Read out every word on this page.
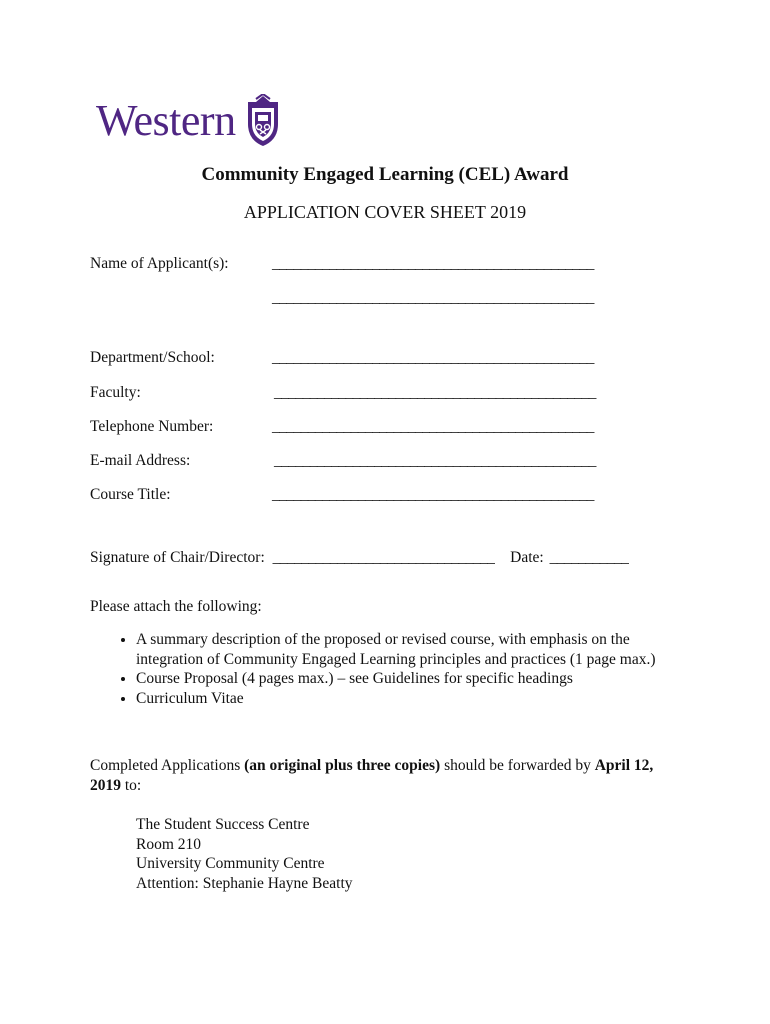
Western
Community Engaged Learning (CEL) Award
APPLICATION COVER SHEET 2019
Name of Applicant(s):	_____________________________________________
_____________________________________________
Department/School:	_____________________________________________
Faculty:	_____________________________________________
Telephone Number:	_____________________________________________
E-mail Address:	_____________________________________________
Course Title:	_____________________________________________
Signature of Chair/Director: _______________________________ Date: ___________
Please attach the following:
• A summary description of the proposed or revised course, with emphasis on the integration of Community Engaged Learning principles and practices (1 page max.)
• Course Proposal (4 pages max.) – see Guidelines for specific headings
• Curriculum Vitae
Completed Applications (an original plus three copies) should be forwarded by April 12, 2019 to:
The Student Success Centre
Room 210
University Community Centre
Attention: Stephanie Hayne Beatty
